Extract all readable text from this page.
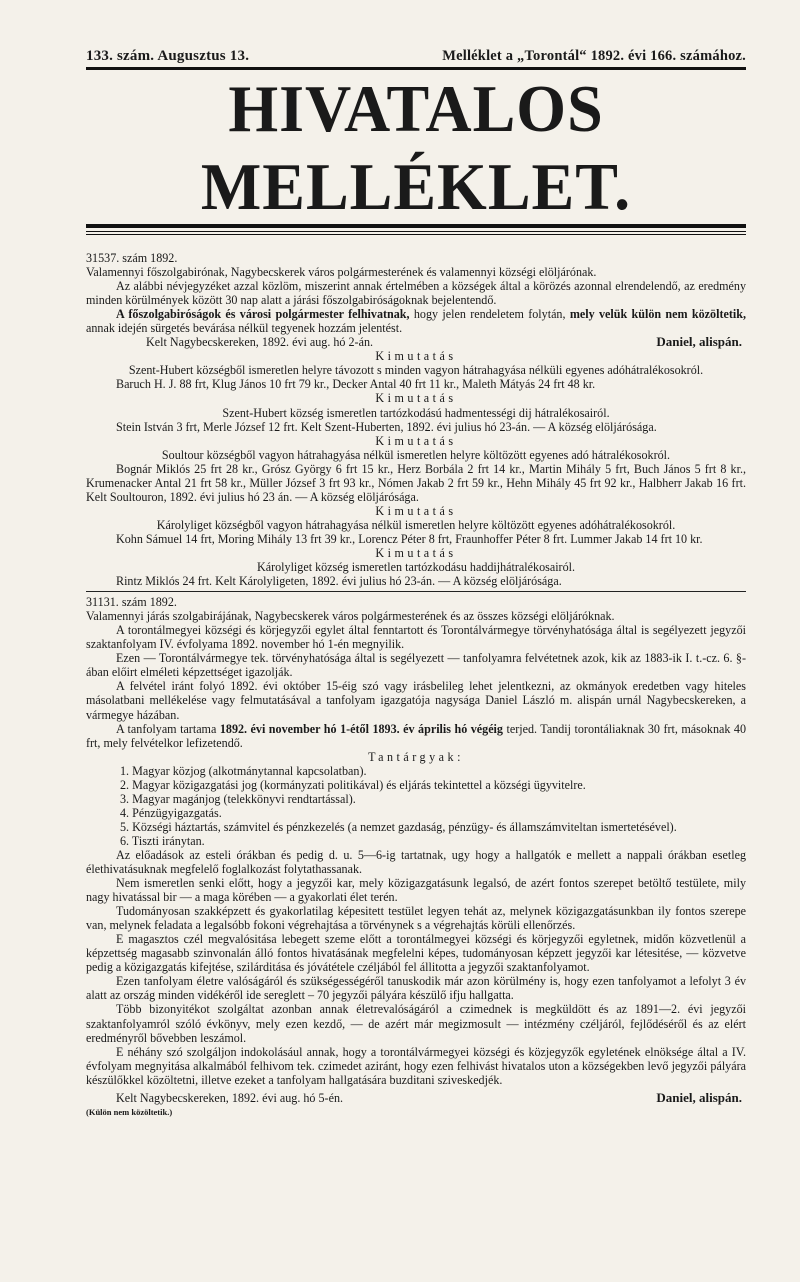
133. szám. Augusztus 13.	Melléklet a „Torontál“ 1892. évi 166. számához.
HIVATALOS MELLÉKLET.

31537. szám 1892.

Valamennyi főszolgabirónak, Nagybecskerek város polgármesterének és valamennyi községi elöljárónak.

Az alábbi névjegyzéket azzal közlöm, miszerint annak értelmében a községek által a körözés azonnal elrendelendő, az eredmény minden körülmények között 30 nap alatt a járási főszolgabiróságoknak bejelentendő.

A főszolgabiróságok és városi polgármester felhivatnak, hogy jelen rendeletem folytán, mely velük külön nem közöltetik, annak idején sürgetés bevárása nélkül tegyenek hozzám jelentést.

Kelt Nagybecskereken, 1892. évi aug. hó 2-án.	Daniel, alispán.

Kimutatás

Szent-Hubert községből ismeretlen helyre távozott s minden vagyon hátrahagyása nélküli egyenes adóhátralékosokról.

Baruch H. J. 88 frt, Klug János 10 frt 79 kr., Decker Antal 40 frt 11 kr., Maleth Mátyás 24 frt 48 kr.

Kimutatás

Szent-Hubert község ismeretlen tartózkodású hadmentességi dij hátralékosairól.

Stein István 3 frt, Merle József 12 frt. Kelt Szent-Huberten, 1892. évi julius hó 23-án. — A község elöljárósága.

Kimutatás

Soultour községből vagyon hátrahagyása nélkül ismeretlen helyre költözött egyenes adó hátralékosokról.

Bognár Miklós 25 frt 28 kr., Grósz György 6 frt 15 kr., Herz Borbála 2 frt 14 kr., Martin Mihály 5 frt, Buch János 5 frt 8 kr., Krumenacker Antal 21 frt 58 kr., Müller József 3 frt 93 kr., Nómen Jakab 2 frt 59 kr., Hehn Mihály 45 frt 92 kr., Halbherr Jakab 16 frt. Kelt Soultouron, 1892. évi julius hó 23 án. — A község elöljárósága.

Kimutatás

Károlyliget községből vagyon hátrahagyása nélkül ismeretlen helyre költözött egyenes adóhátralékosokról.

Kohn Sámuel 14 frt, Moring Mihály 13 frt 39 kr., Lorencz Péter 8 frt, Fraunhoffer Péter 8 frt. Lummer Jakab 14 frt 10 kr.

Kimutatás

Károlyliget község ismeretlen tartózkodásu haddijhátralékosairól.

Rintz Miklós 24 frt. Kelt Károlyligeten, 1892. évi julius hó 23-án. — A község elöljárósága.

31131. szám 1892.

Valamennyi járás szolgabirájának, Nagybecskerek város polgármesterének és az összes községi elöljáróknak.

A torontálmegyei községi és körjegyzői egylet által fenntartott és Torontálvármegye törvényhatósága által is segélyezett jegyzői szaktanfolyam IV. évfolyama 1892. november hó 1-én megnyilik.

Ezen — Torontálvármegye tek. törvényhatósága által is segélyezett — tanfolyamra felvétetnek azok, kik az 1883-ik I. t.-cz. 6. §-ában előirt elméleti képzettséget igazolják.

A felvétel iránt folyó 1892. évi október 15-éig szó vagy irásbelileg lehet jelentkezni, az okmányok eredetben vagy hiteles másolatbani mellékelése vagy felmutatásával a tanfolyam igazgatója nagysága Daniel László m. alispán urnál Nagybecskereken, a vármegye házában.

A tanfolyam tartama 1892. évi november hó 1-étől 1893. év április hó végéig terjed. Tandij torontáliaknak 30 frt, másoknak 40 frt, mely felvételkor lefizetendő.

Tantárgyak:

1. Magyar közjog (alkotmánytannal kapcsolatban).

2. Magyar közigazgatási jog (kormányzati politikával) és eljárás tekintettel a községi ügyvitelre.

3. Magyar magánjog (telekkönyvi rendtartással).

4. Pénzügyigazgatás.

5. Községi háztartás, számvitel és pénzkezelés (a nemzet gazdaság, pénzügy- és államszámviteltan ismertetésével).

6. Tiszti iránytan.

Az előadások az esteli órákban és pedig d. u. 5—6-ig tartatnak, ugy hogy a hallgatók e mellett a nappali órákban esetleg élethivatásuknak megfelelő foglalkozást folytathassanak.

Nem ismeretlen senki előtt, hogy a jegyzői kar, mely közigazgatásunk legalsó, de azért fontos szerepet betöltő testülete, mily nagy hivatással bir — a maga körében — a gyakorlati élet terén.

Tudományosan szakképzett és gyakorlatilag képesitett testület legyen tehát az, melynek közigazgatásunkban ily fontos szerepe van, melynek feladata a legalsóbb fokoni végrehajtása a törvénynek s a végrehajtás körüli ellenőrzés.

E magasztos czél megvalósitása lebegett szeme előtt a torontálmegyei községi és körjegyzői egyletnek, midőn közvetlenül a képzettség magasabb szinvonalán álló fontos hivatásának megfelelni képes, tudományosan képzett jegyzői kar létesitése, — közvetve pedig a közigazgatás kifejtése, szilárditása és jóvátétele czéljából fel állitotta a jegyzői szaktanfolyamot.

Ezen tanfolyam életre valóságáról és szükségességéről tanuskodik már azon körülmény is, hogy ezen tanfolyamot a lefolyt 3 év alatt az ország minden vidékéről ide sereglett – 70 jegyzői pályára készülő ifju hallgatta.

Több bizonyitékot szolgáltat azonban annak életrevalóságáról a czimednek is megküldött és az 1891—2. évi jegyzői szaktanfolyamról szóló évkönyv, mely ezen kezdő, — de azért már megizmosult — intézmény czéljáról, fejlődéséről és az elért eredményről bővebben leszámol.

E néhány szó szolgáljon indokolásául annak, hogy a torontálvármegyei községi és közjegyzők egyletének elnöksége által a IV. évfolyam megnyitása alkalmából felhivom tek. czimedet aziránt, hogy ezen felhivást hivatalos uton a községekben levő jegyzői pályára készülőkkel közöltetni, illetve ezeket a tanfolyam hallgatására buzditani sziveskedjék.

Kelt Nagybecskereken, 1892. évi aug. hó 5-én.	Daniel, alispán.

(Külön nem közöltetik.)
